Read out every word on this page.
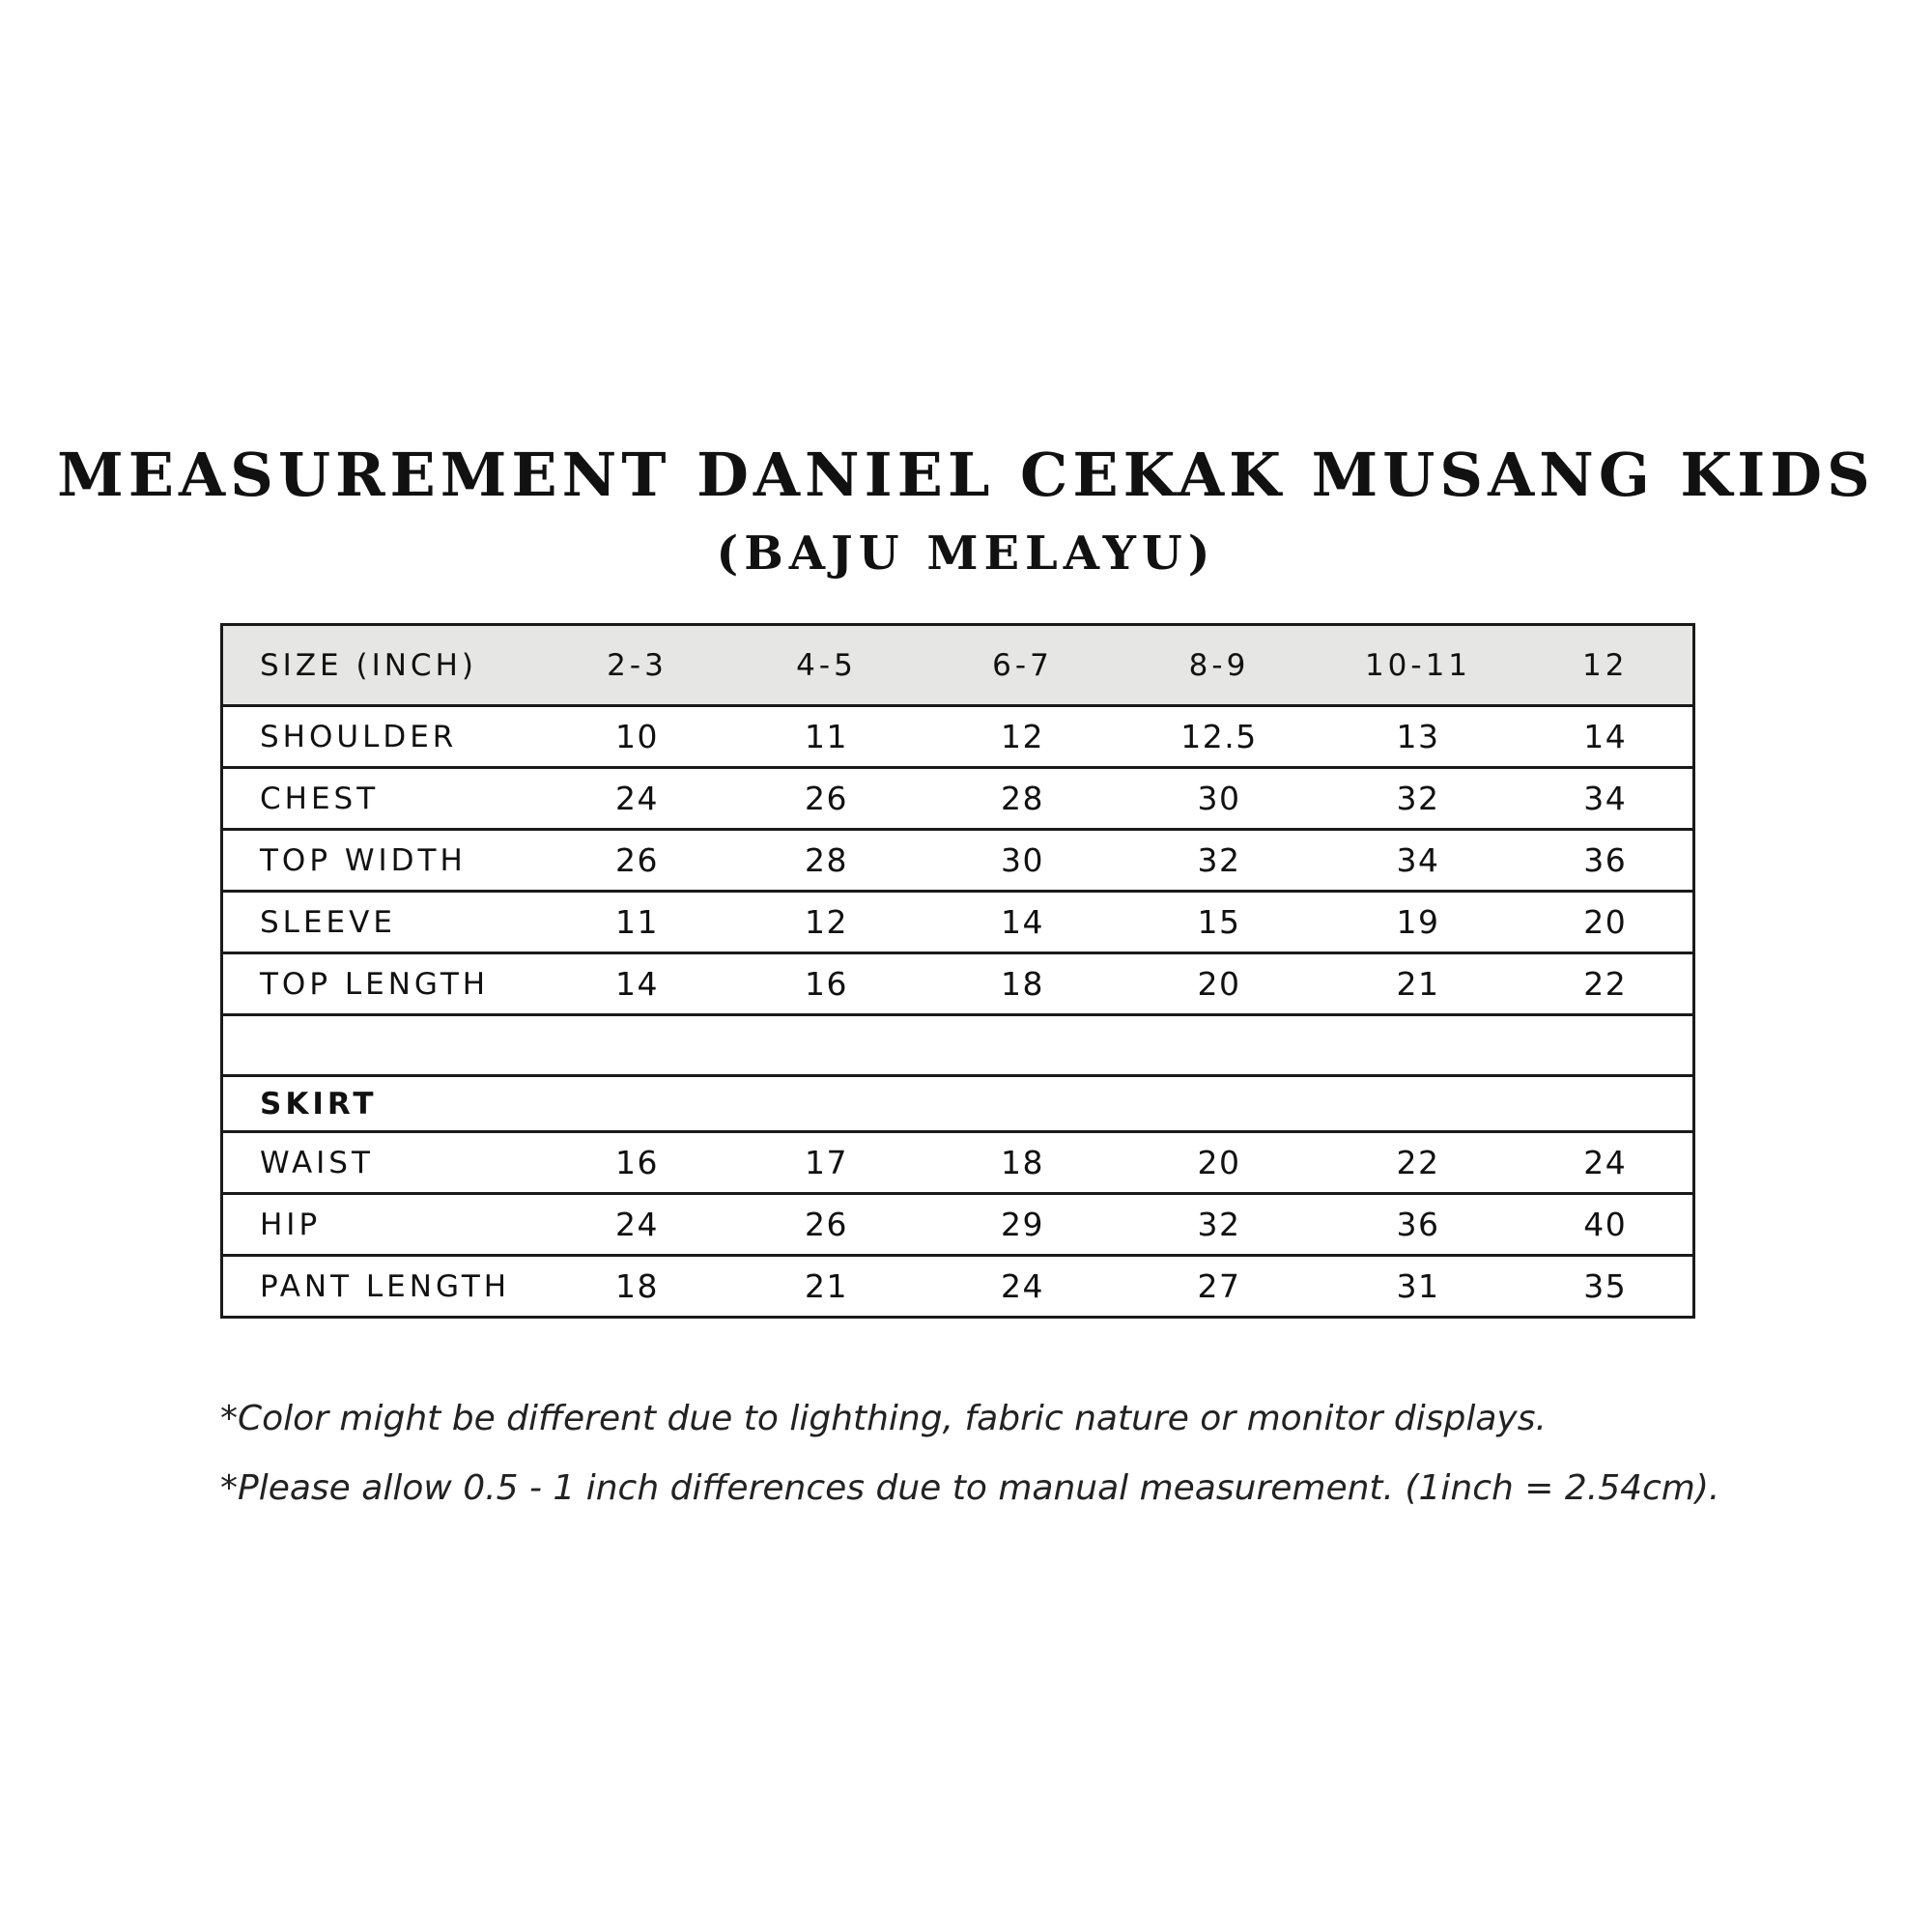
MEASUREMENT DANIEL CEKAK MUSANG KIDS
(BAJU MELAYU)
SIZE (INCH)	2-3	4-5	6-7	8-9	10-11	12
SHOULDER	10	11	12	12.5	13	14
CHEST	24	26	28	30	32	34
TOP WIDTH	26	28	30	32	34	36
SLEEVE	11	12	14	15	19	20
TOP LENGTH	14	16	18	20	21	22

SKIRT						
WAIST	16	17	18	20	22	24
HIP	24	26	29	32	36	40
PANT LENGTH	18	21	24	27	31	35

*Color might be different due to lighthing, fabric nature or monitor displays.

*Please allow 0.5 - 1 inch differences due to manual measurement. (1inch = 2.54cm).
